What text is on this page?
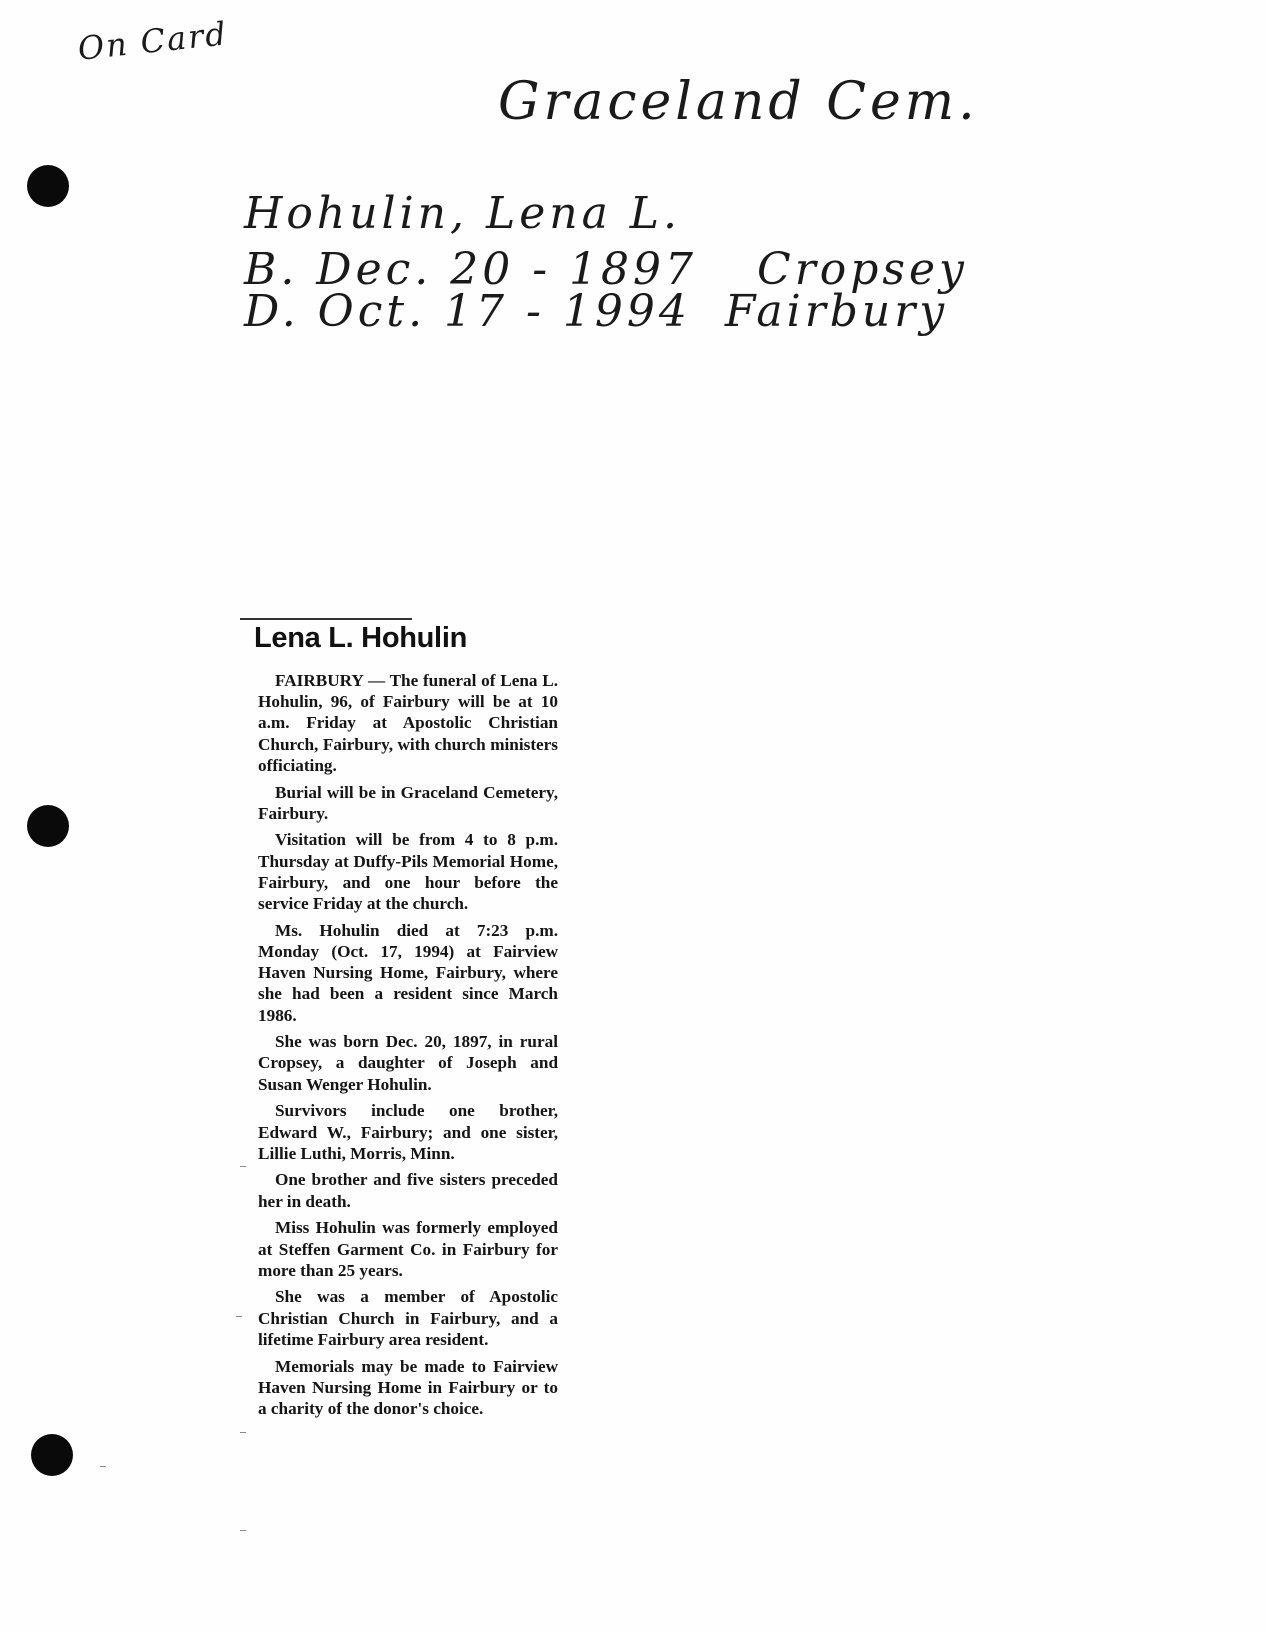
On Card
Graceland Cem.
Hohulin, Lena L.
B. Dec. 20 - 1897 Cropsey
D. Oct. 17 - 1994 Fairbury
Lena L. Hohulin

FAIRBURY — The funeral of Lena L. Hohulin, 96, of Fairbury will be at 10 a.m. Friday at Apostolic Christian Church, Fairbury, with church ministers officiating.

Burial will be in Graceland Cemetery, Fairbury.

Visitation will be from 4 to 8 p.m. Thursday at Duffy-Pils Memorial Home, Fairbury, and one hour before the service Friday at the church.

Ms. Hohulin died at 7:23 p.m. Monday (Oct. 17, 1994) at Fairview Haven Nursing Home, Fairbury, where she had been a resident since March 1986.

She was born Dec. 20, 1897, in rural Cropsey, a daughter of Joseph and Susan Wenger Hohulin.

Survivors include one brother, Edward W., Fairbury; and one sister, Lillie Luthi, Morris, Minn.

One brother and five sisters preceded her in death.

Miss Hohulin was formerly employed at Steffen Garment Co. in Fairbury for more than 25 years.

She was a member of Apostolic Christian Church in Fairbury, and a lifetime Fairbury area resident.

Memorials may be made to Fairview Haven Nursing Home in Fairbury or to a charity of the donor's choice.
